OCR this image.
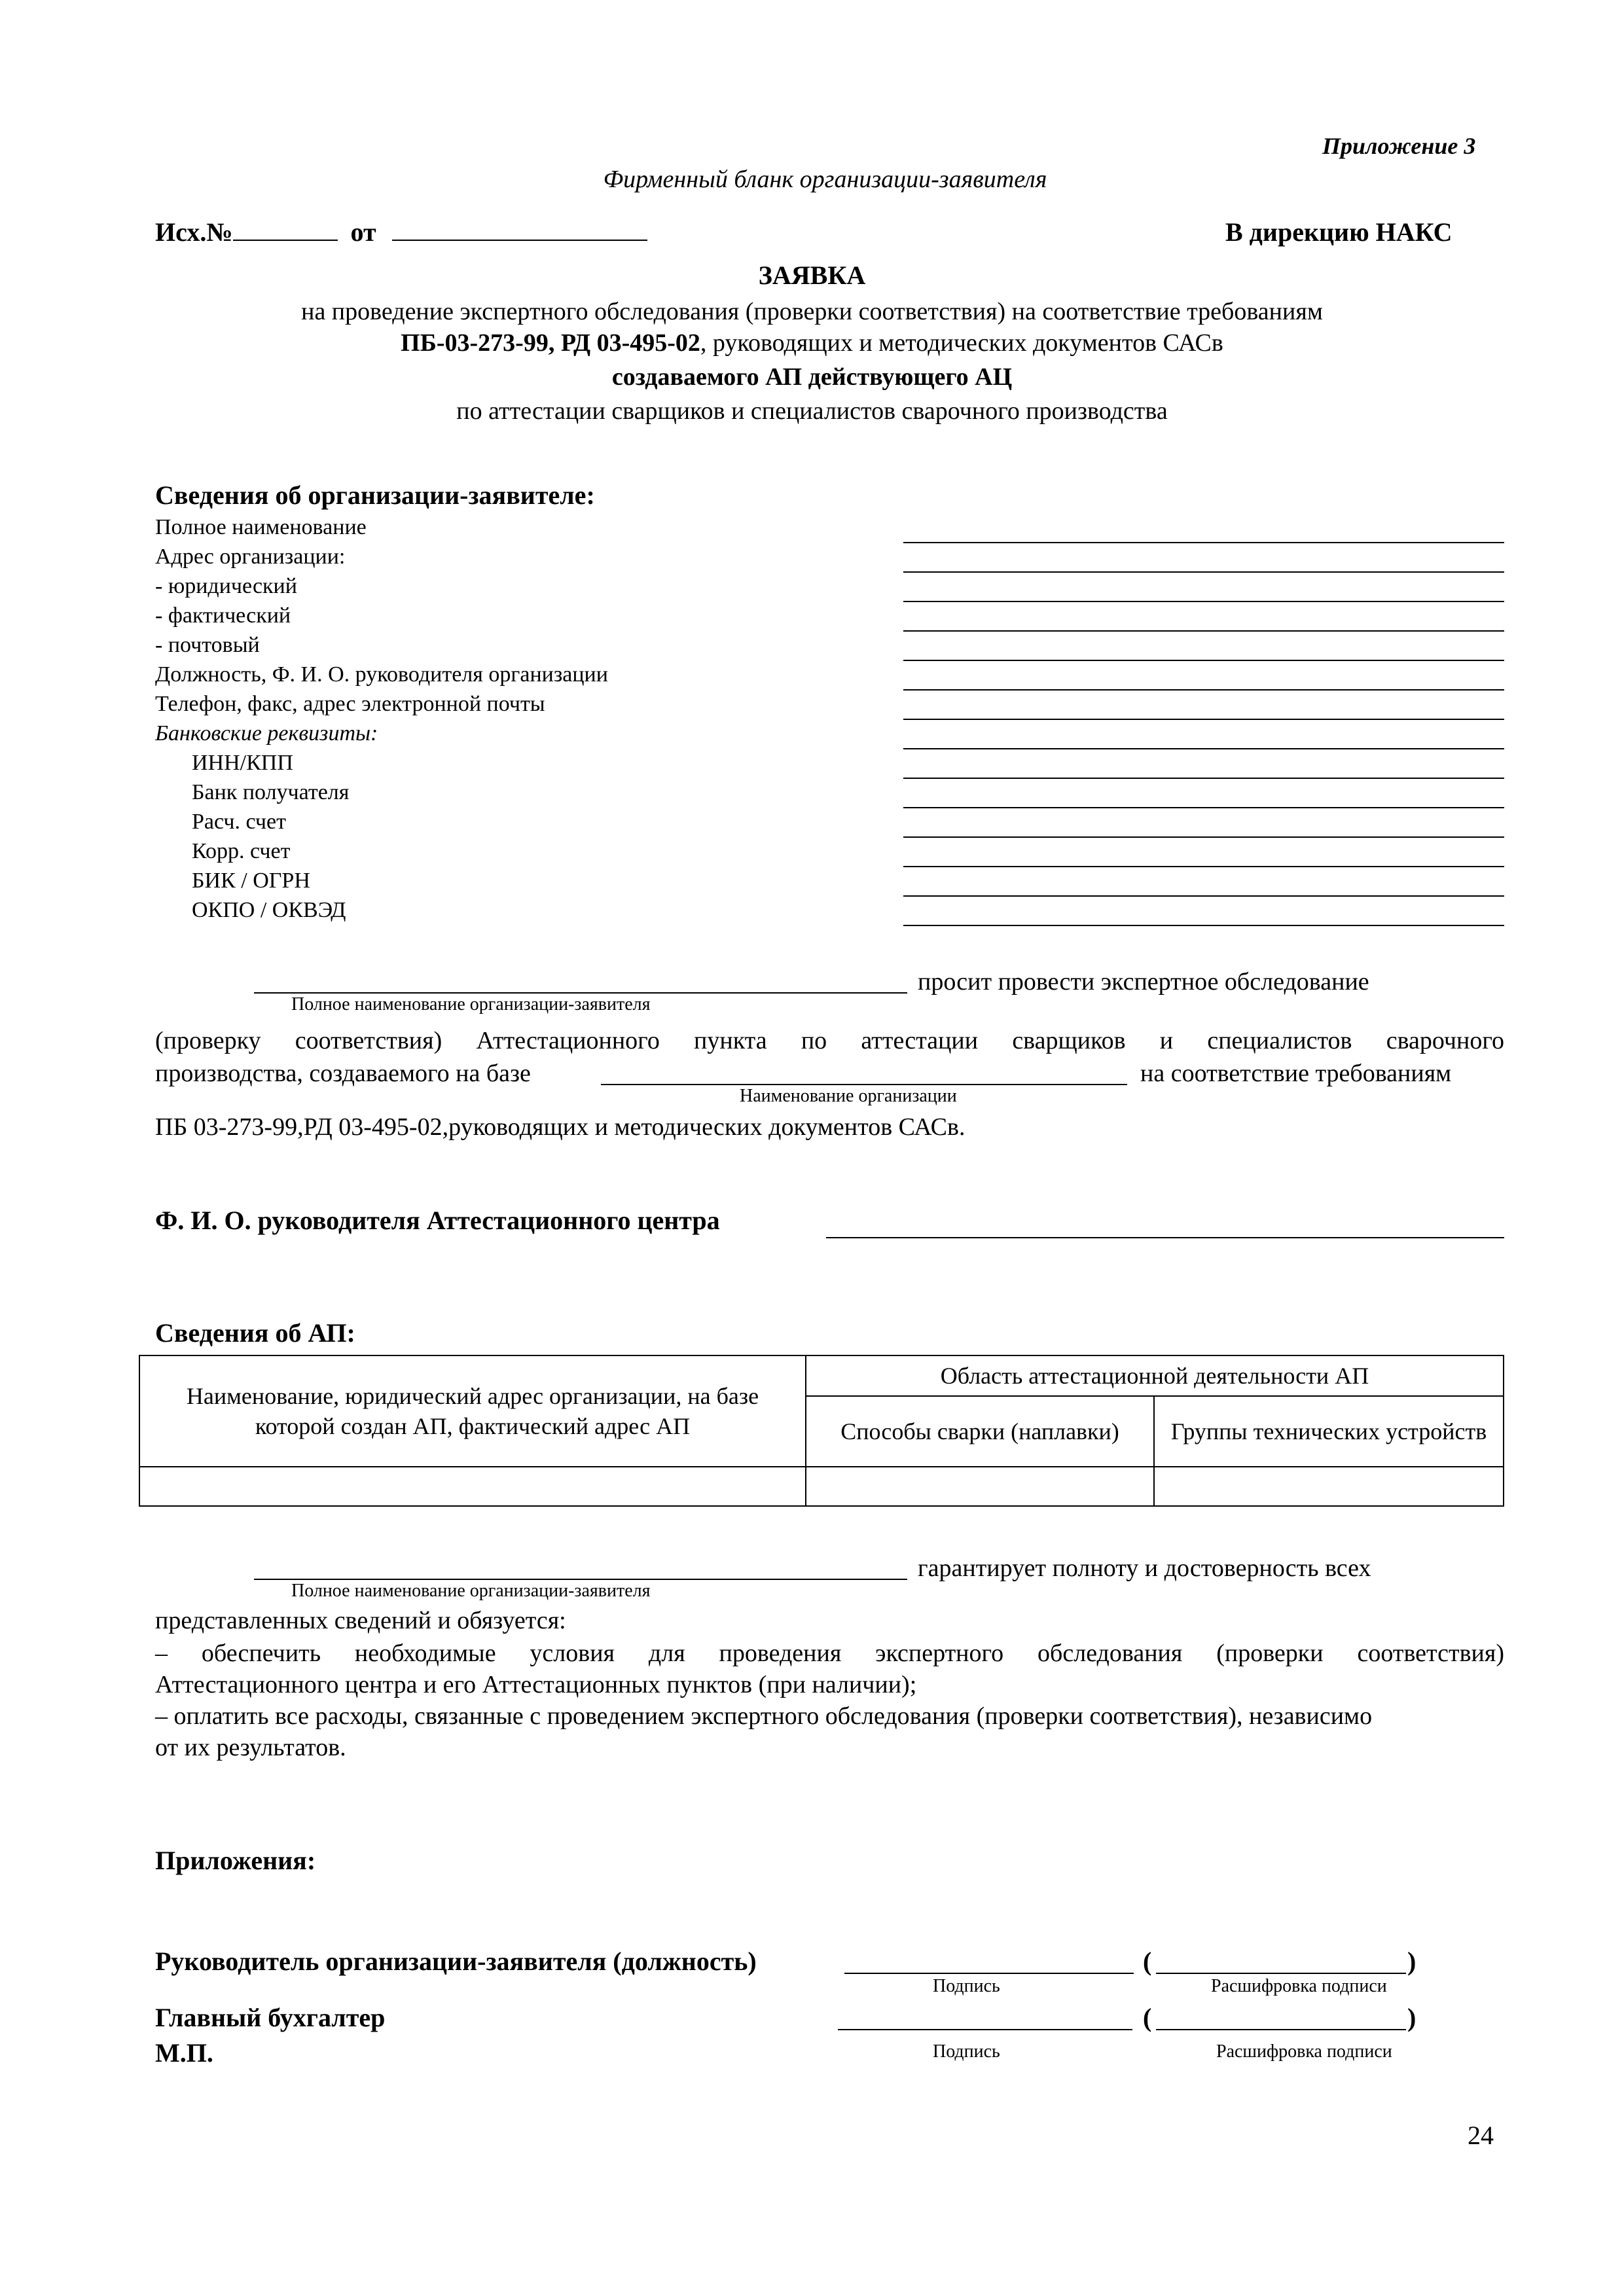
Приложение 3
Фирменный бланк организации-заявителя
Исх.№	от	В дирекцию НАКС
ЗАЯВКА
на проведение экспертного обследования (проверки соответствия) на соответствие требованиям
ПБ-03-273-99, РД 03-495-02, руководящих и методических документов САСв
создаваемого АП действующего АЦ
по аттестации сварщиков и специалистов сварочного производства
Сведения об организации-заявителе:
Полное наименование
Адрес организации:
- юридический
- фактический
- почтовый
Должность, Ф. И. О. руководителя организации
Телефон, факс, адрес электронной почты
Банковские реквизиты:
ИНН/КПП
Банк получателя
Расч. счет
Корр. счет
БИК / ОГРН
ОКПО / ОКВЭД
просит провести экспертное обследование
Полное наименование организации-заявителя
(проверку соответствия) Аттестационного пункта по аттестации сварщиков и специалистов сварочного
производства, создаваемого на базе	на соответствие требованиям
Наименование организации
ПБ 03-273-99,РД 03-495-02,руководящих и методических документов САСв.
Ф. И. О. руководителя Аттестационного центра
Сведения об АП:
Наименование, юридический адрес организации, на базе которой создан АП, фактический адрес АП	Область аттестационной деятельности АП	
	Способы сварки (наплавки)	Группы технических устройств

гарантирует полноту и достоверность всех
Полное наименование организации-заявителя
представленных сведений и обязуется:
– обеспечить необходимые условия для проведения экспертного обследования (проверки соответствия)
Аттестационного центра и его Аттестационных пунктов (при наличии);
– оплатить все расходы, связанные с проведением экспертного обследования (проверки соответствия), независимо
от их результатов.
Приложения:
Руководитель организации-заявителя (должность)	(	)
Подпись	Расшифровка подписи
Главный бухгалтер	(	)
М.П.	Подпись	Расшифровка подписи
24
